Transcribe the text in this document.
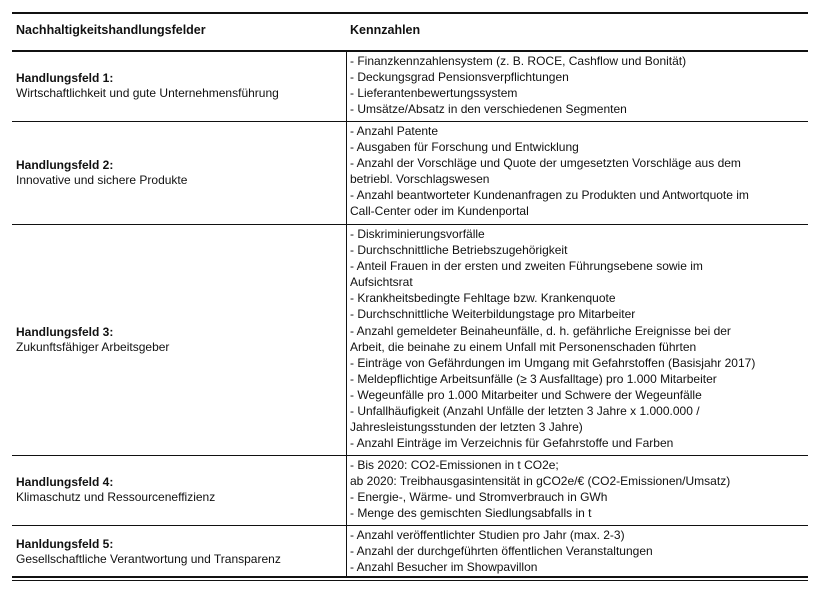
Nachhaltigkeitshandlungsfelder	Kennzahlen
Handlungsfeld 1:
Wirtschaftlichkeit und gute Unternehmensführung
- Finanzkennzahlensystem (z. B. ROCE, Cashflow und Bonität)
- Deckungsgrad Pensionsverpflichtungen
- Lieferantenbewertungssystem
- Umsätze/Absatz in den verschiedenen Segmenten
Handlungsfeld 2:
Innovative und sichere Produkte
- Anzahl Patente
- Ausgaben für Forschung und Entwicklung
- Anzahl der Vorschläge und Quote der umgesetzten Vorschläge aus dem
betriebl. Vorschlagswesen
- Anzahl beantworteter Kundenanfragen zu Produkten und Antwortquote im
Call-Center oder im Kundenportal
Handlungsfeld 3:
Zukunftsfähiger Arbeitsgeber
- Diskriminierungsvorfälle
- Durchschnittliche Betriebszugehörigkeit
- Anteil Frauen in der ersten und zweiten Führungsebene sowie im
Aufsichtsrat
- Krankheitsbedingte Fehltage bzw. Krankenquote
- Durchschnittliche Weiterbildungstage pro Mitarbeiter
- Anzahl gemeldeter Beinaheunfälle, d. h. gefährliche Ereignisse bei der
Arbeit, die beinahe zu einem Unfall mit Personenschaden führten
- Einträge von Gefährdungen im Umgang mit Gefahrstoffen (Basisjahr 2017)
- Meldepflichtige Arbeitsunfälle (≥ 3 Ausfalltage) pro 1.000 Mitarbeiter
- Wegeunfälle pro 1.000 Mitarbeiter und Schwere der Wegeunfälle
- Unfallhäufigkeit (Anzahl Unfälle der letzten 3 Jahre x 1.000.000 /
Jahresleistungsstunden der letzten 3 Jahre)
- Anzahl Einträge im Verzeichnis für Gefahrstoffe und Farben
Handlungsfeld 4:
Klimaschutz und Ressourceneffizienz
- Bis 2020: CO2-Emissionen in t CO2e;
ab 2020: Treibhausgasintensität in gCO2e/€ (CO2-Emissionen/Umsatz)
- Energie-, Wärme- und Stromverbrauch in GWh
- Menge des gemischten Siedlungsabfalls in t
Hanldungsfeld 5:
Gesellschaftliche Verantwortung und Transparenz
- Anzahl veröffentlichter Studien pro Jahr (max. 2-3)
- Anzahl der durchgeführten öffentlichen Veranstaltungen
- Anzahl Besucher im Showpavillon
